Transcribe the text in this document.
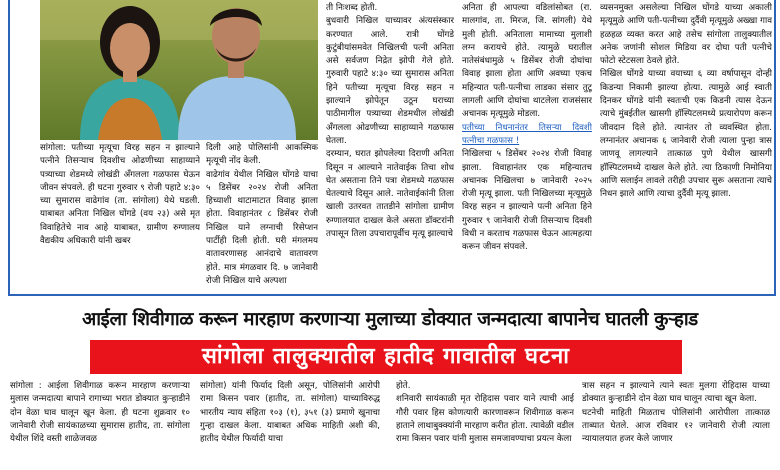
सांगोला: पतीच्या मृत्यूचा विरह सहन न झाल्याने पत्नीने तिसऱ्याच दिवशीच ओढणीच्या साहाय्याने पत्र्याच्या शेडमध्ये लोखंडी अँगलला गळफास घेऊन जीवन संपवले. ही घटना गुरुवार ९ रोजी पहाटे ४:३० च्या सुमारास वाढेगांव (ता. सांगोला) येथे घडली. याबाबत अनिता निखिल घोंगडे (वय २३) असे मृत विवाहितेचे नाव आहे याबाबत, ग्रामीण रुग्णालय वैद्यकीय अधिकारी यांनी खबर

दिली आहे पोलिसांनी आकस्मिक मृत्यूची नोंद केली.
वाढेगांव येथील निखिल घोंगडे याचा ५ डिसेंबर २०२४ रोजी अनिता हिच्याशी थाटामाटात विवाह झाला होता. विवाहानंतर ८ डिसेंबर रोजी निखिल याने लग्नाची रिसेप्शन पार्टीही दिली होती. घरी मंगलमय वातावरणासह आनंदाचे वातावरण होते. मात्र मंगळवार दि. ७ जानेवारी रोजी निखिल याचे अल्पशा

ती निःशब्द होती.
बुधवारी निखिल याच्यावर अंत्यसंस्कार करण्यात आले. रात्री घोंगडे कुटुंबीयांसमवेत निखिलची पत्नी अनिता असे सर्वजण निद्रेत झोपी गेले होते. गुरुवारी पहाटे ४:३० च्या सुमारास अनिता हिने पतीच्या मृत्यूचा विरह सहन न झाल्याने झोपेतून उठून घराच्या पाठीमागील पत्र्याच्या शेडमधील लोखंडी अँगलला ओढणीच्या साहाय्याने गळफास घेतला.
दरम्यान, घरात झोपलेल्या दिराणी अनिता दिसून न आल्याने नातेवाईक तिचा शोध घेत असताना तिने पत्रा शेडमध्ये गळफास घेतल्याचे दिसून आले. नातेवाईकांनी तिला खाली उतरवत तातडीने सांगोला ग्रामीण रुग्णालयात दाखल केले असता डॉक्टरांनी तपासून तिला उपचारापूर्वीच मृत्यू झाल्याचे

अनिता ही आपल्या वडिलांसोबत (रा. मालगांव, ता. मिरज, जि. सांगली) येथे मुली होती. अनिताला मामाच्या मुलाशी लग्न करायचे होते. त्यामुळे घरातील नातेसंबंधामुळे ५ डिसेंबर रोजी दोघांचा विवाह झाला होता आणि अवघ्या एकच महिन्यात पती-पत्नीचा लाडका संसार तुटू लागली आणि दोघांचा थाटलेला राजसंसार अचानक मृत्यूमुळे मोडला.

पतीच्या निधनानंतर तिसऱ्या दिवशी पत्नीचा गळफास !

निखिलचा ५ डिसेंबर २०२४ रोजी विवाह झाला. विवाहानंतर एक महिन्यातच अचानक निखिलचा ७ जानेवारी २०२५ रोजी मृत्यू झाला. पती निखिलच्या मृत्यूमुळे विरह सहन न झाल्याने पत्नी अनिता हिने गुरुवार ९ जानेवारी रोजी तिसऱ्याच दिवशी विधी न करताच गळफास घेऊन आत्महत्या करून जीवन संपवले.

व्यसनमुक्त असलेल्या निखिल घोंगडे याच्या अकाली मृत्यूमुळे आणि पती-पत्नीच्या दुर्दैवी मृत्यूमुळे अख्खा गाव हळहळ व्यक्त करत आहे तसेच सांगोला तालुक्यातील अनेक जणांनी सोशल मिडिया वर दोघा पती पत्नीचे फोटो स्टेटसला ठेवले होते.
निखिल घोंगडे याच्या वयाच्या ६ व्या वर्षापासून दोन्ही किडन्या निकामी झाल्या होत्या. त्यामुळे आई स्वाती दिनकर घोंगडे यांनी स्वतःची एक किडनी त्यास देऊन त्याचे मुंबईतील खासगी हॉस्पिटलमध्ये प्रत्यारोपण करून जीवदान दिले होते. त्यानंतर तो व्यवस्थित होता. लग्नानंतर अचानक ६ जानेवारी रोजी त्याला पुन्हा त्रास जाणवू लागल्याने तात्काळ पुणे येथील खासगी हॉस्पिटलमध्ये दाखल केले होते. त्या ठिकाणी निमोनिया आणि सलाईन लावले तरीही उपचार सुरू असताना त्याचे निधन झाले आणि त्याचा दुर्दैवी मृत्यू झाला.

आईला शिवीगाळ करून मारहाण करणाऱ्या मुलाच्या डोक्यात जन्मदात्या बापानेच घातली कुऱ्हाड
सांगोला तालुक्यातील हातीद गावातील घटना

सांगोला : आईला शिवीगाळ करून मारहाण करणाऱ्या मुलास जन्मदात्या बापाने रागाच्या भरात डोक्यात कुऱ्हाडीने दोन वेळा घाव घालून खून केला. ही घटना शुक्रवार १० जानेवारी रोजी सायंकाळच्या सुमारास हातीद, ता. सांगोला येथील शिंदे वस्ती शाळेजवळ

सांगोला) यांनी फिर्याद दिली असून, पोलिसांनी आरोपी रामा किसन पवार (हातीद, ता. सांगोला) याच्याविरुद्ध भारतीय न्याय संहिता १०३ (१), ३५१ (३) प्रमाणे खुनाचा गुन्हा दाखल केला. याबाबत अधिक माहिती अशी की, हातीद येथील फिर्यादी याचा

होते.
शनिवारी सायंकाळी मृत रोहिदास पवार याने त्याची आई गौरी पवार हिस कोणत्यारी कारणावरून शिवीगाळ करून हाताने लाथाबुक्क्यांनी मारहाण करीत होता. त्यावेळी वडील रामा किसन पवार यांनी मुलास समजावण्याचा प्रयत्न केला

त्रास सहन न झाल्याने त्याने स्वतः मुलगा रोहिदास याच्या डोक्यात कुऱ्हाडीने दोन वेळा घाव घालून त्याचा खून केला.
घटनेची माहिती मिळताच पोलिसांनी आरोपीला तात्काळ ताब्यात घेतले. आज रविवार १२ जानेवारी रोजी त्याला न्यायालयात हजर केले जाणार
